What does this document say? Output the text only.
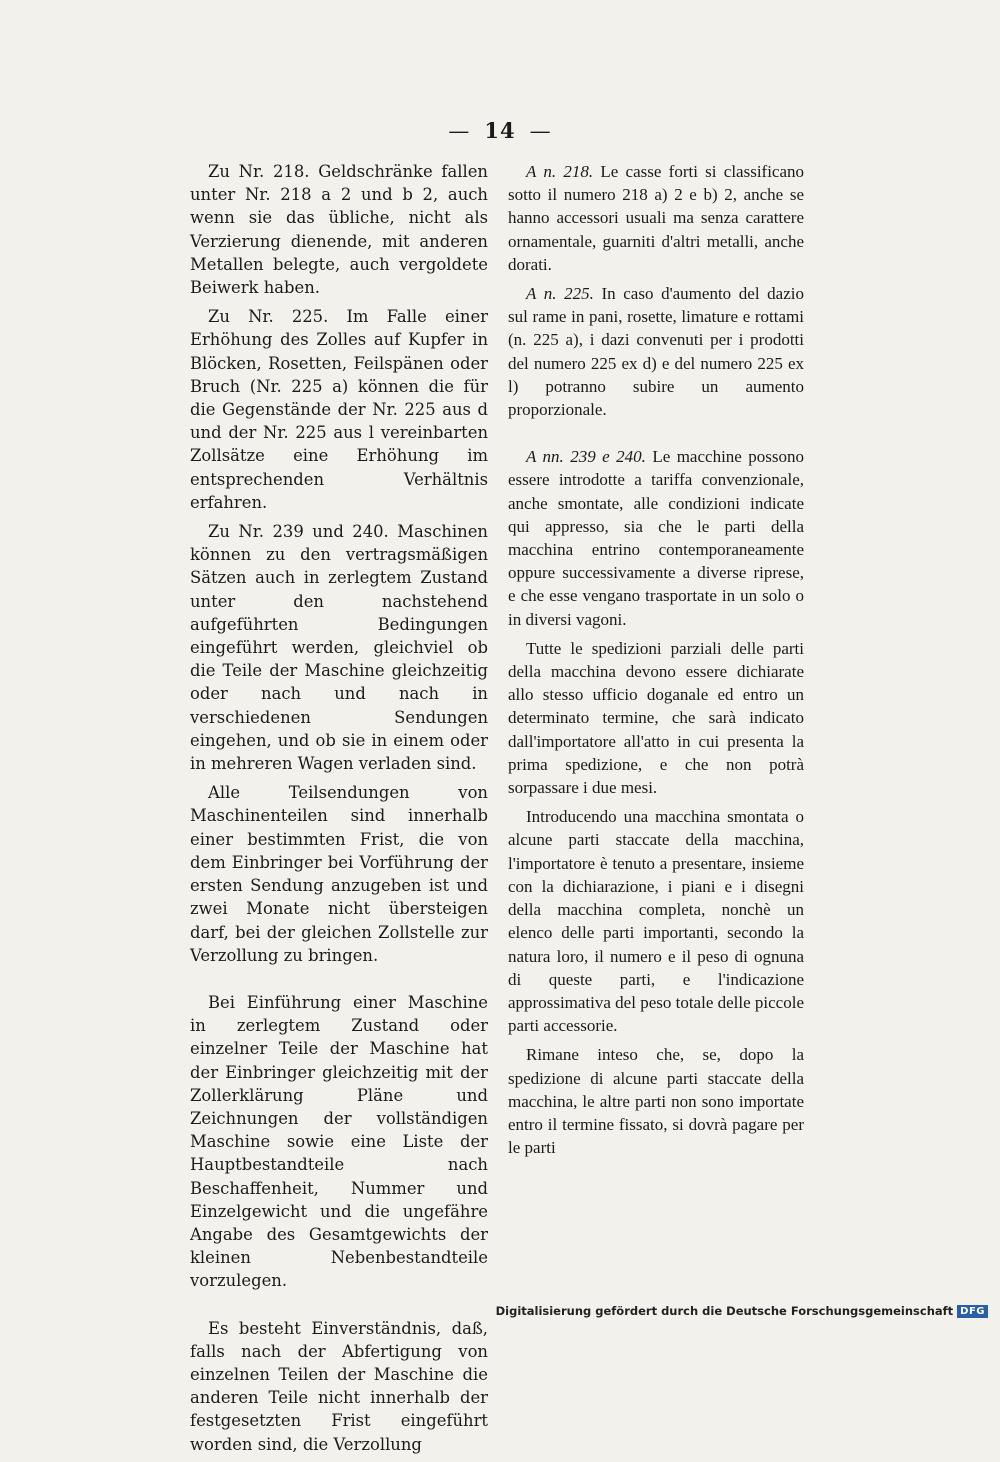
— 14 —

Zu Nr. 218. Geldschränke fallen unter Nr. 218 a 2 und b 2, auch wenn sie das übliche, nicht als Verzierung dienende, mit anderen Metallen belegte, auch vergoldete Beiwerk haben.

Zu Nr. 225. Im Falle einer Erhöhung des Zolles auf Kupfer in Blöcken, Rosetten, Feilspänen oder Bruch (Nr. 225 a) können die für die Gegenstände der Nr. 225 aus d und der Nr. 225 aus l vereinbarten Zollsätze eine Erhöhung im entsprechenden Verhältnis erfahren.

Zu Nr. 239 und 240. Maschinen können zu den vertragsmäßigen Sätzen auch in zerlegtem Zustand unter den nachstehend aufgeführten Bedingungen eingeführt werden, gleichviel ob die Teile der Maschine gleichzeitig oder nach und nach in verschiedenen Sendungen eingehen, und ob sie in einem oder in mehreren Wagen verladen sind.

Alle Teilsendungen von Maschinenteilen sind innerhalb einer bestimmten Frist, die von dem Einbringer bei Vorführung der ersten Sendung anzugeben ist und zwei Monate nicht übersteigen darf, bei der gleichen Zollstelle zur Verzollung zu bringen.

Bei Einführung einer Maschine in zerlegtem Zustand oder einzelner Teile der Maschine hat der Einbringer gleichzeitig mit der Zollerklärung Pläne und Zeichnungen der vollständigen Maschine sowie eine Liste der Hauptbestandteile nach Beschaffenheit, Nummer und Einzelgewicht und die ungefähre Angabe des Gesamtgewichts der kleinen Nebenbestandteile vorzulegen.

Es besteht Einverständnis, daß, falls nach der Abfertigung von einzelnen Teilen der Maschine die anderen Teile nicht innerhalb der festgesetzten Frist eingeführt worden sind, die Verzollung

A n. 218. Le casse forti si classificano sotto il numero 218 a) 2 e b) 2, anche se hanno accessori usuali ma senza carattere ornamentale, guarniti d'altri metalli, anche dorati.

A n. 225. In caso d'aumento del dazio sul rame in pani, rosette, limature e rottami (n. 225 a), i dazi convenuti per i prodotti del numero 225 ex d) e del numero 225 ex l) potranno subire un aumento proporzionale.

A nn. 239 e 240. Le macchine possono essere introdotte a tariffa convenzionale, anche smontate, alle condizioni indicate qui appresso, sia che le parti della macchina entrino contemporaneamente oppure successivamente a diverse riprese, e che esse vengano trasportate in un solo o in diversi vagoni.

Tutte le spedizioni parziali delle parti della macchina devono essere dichiarate allo stesso ufficio doganale ed entro un determinato termine, che sarà indicato dall'importatore all'atto in cui presenta la prima spedizione, e che non potrà sorpassare i due mesi.

Introducendo una macchina smontata o alcune parti staccate della macchina, l'importatore è tenuto a presentare, insieme con la dichiarazione, i piani e i disegni della macchina completa, nonchè un elenco delle parti importanti, secondo la natura loro, il numero e il peso di ognuna di queste parti, e l'indicazione approssimativa del peso totale delle piccole parti accessorie.

Rimane inteso che, se, dopo la spedizione di alcune parti staccate della macchina, le altre parti non sono importate entro il termine fissato, si dovrà pagare per le parti

Digitalisierung gefördert durch die Deutsche Forschungsgemeinschaft DFG
